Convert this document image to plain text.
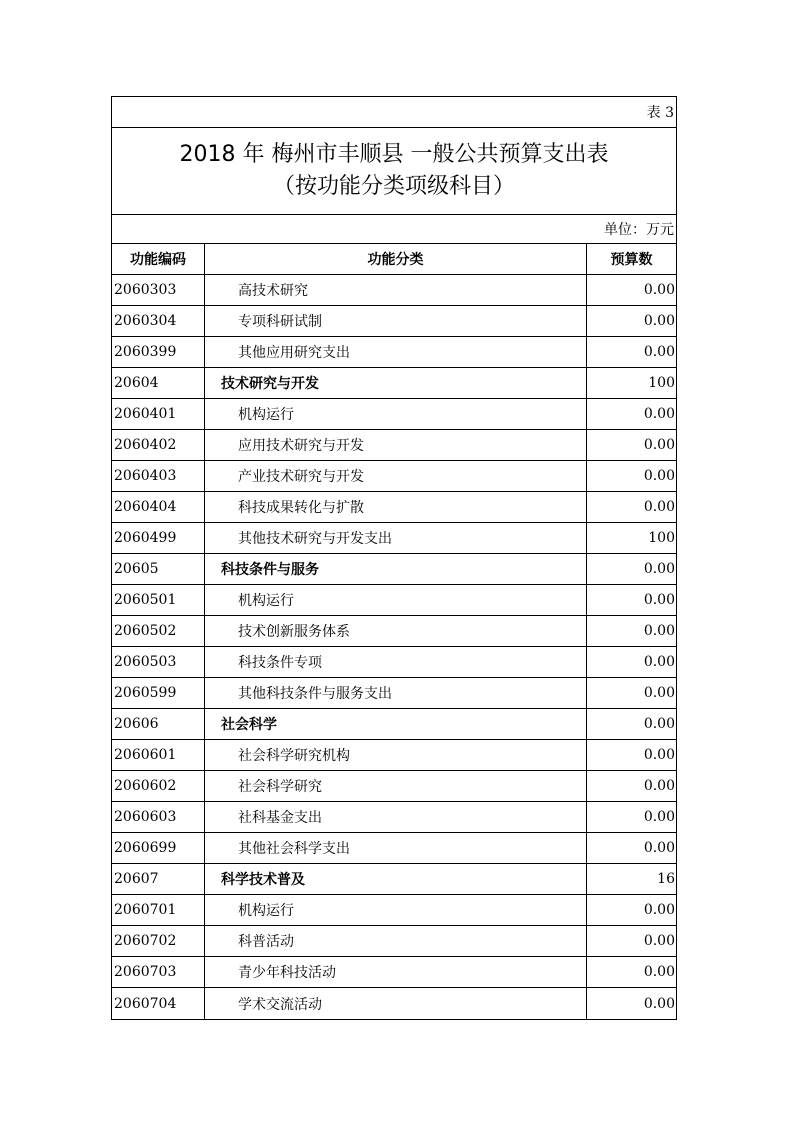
表 3
2018 年 梅州市丰顺县 一般公共预算支出表
（按功能分类项级科目）
单位：万元
功能编码	功能分类	预算数
2060303	高技术研究	0.00
2060304	专项科研试制	0.00
2060399	其他应用研究支出	0.00
20604	技术研究与开发	100
2060401	机构运行	0.00
2060402	应用技术研究与开发	0.00
2060403	产业技术研究与开发	0.00
2060404	科技成果转化与扩散	0.00
2060499	其他技术研究与开发支出	100
20605	科技条件与服务	0.00
2060501	机构运行	0.00
2060502	技术创新服务体系	0.00
2060503	科技条件专项	0.00
2060599	其他科技条件与服务支出	0.00
20606	社会科学	0.00
2060601	社会科学研究机构	0.00
2060602	社会科学研究	0.00
2060603	社科基金支出	0.00
2060699	其他社会科学支出	0.00
20607	科学技术普及	16
2060701	机构运行	0.00
2060702	科普活动	0.00
2060703	青少年科技活动	0.00
2060704	学术交流活动	0.00
